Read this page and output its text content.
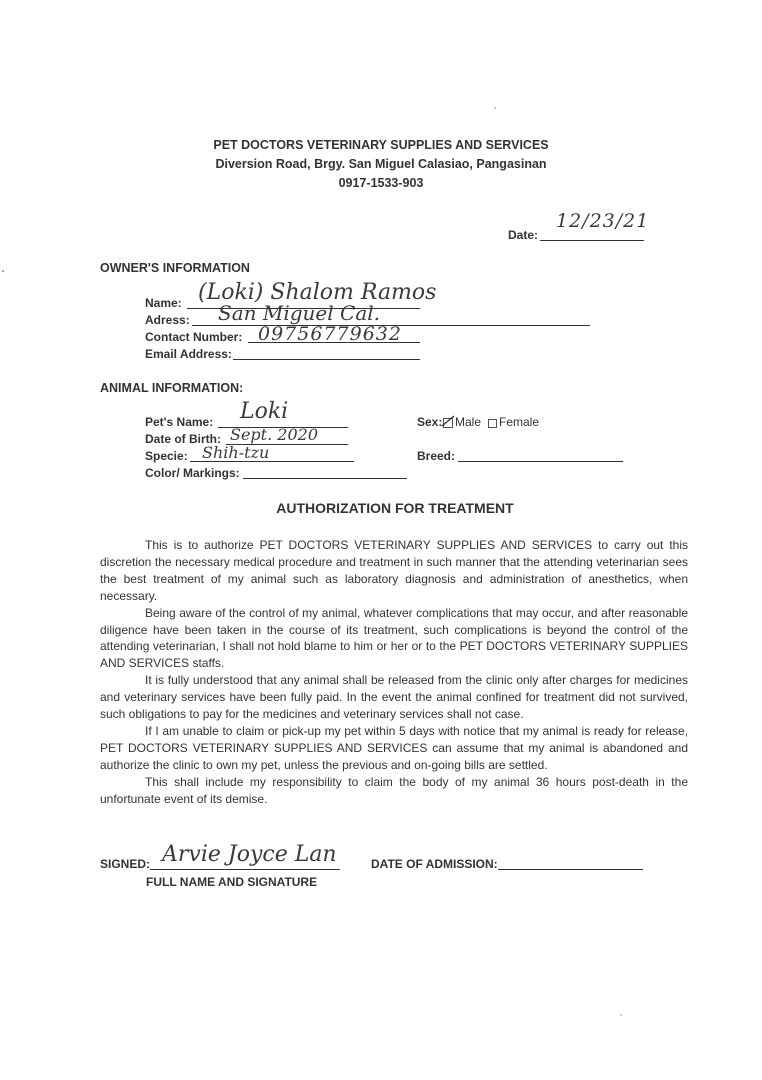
PET DOCTORS VETERINARY SUPPLIES AND SERVICES
Diversion Road, Brgy. San Miguel Calasiao, Pangasinan
0917-1533-903
Date:
12/23/21
OWNER'S INFORMATION
Name: (Loki) Shalom Ramos
Adress: San Miguel Cal.
Contact Number: 09756779632
Email Address:
ANIMAL INFORMATION:
Pet's Name: Loki
Date of Birth: Sept. 2020
Specie: Shih-tzu
Color/ Markings:
Sex: Male Female
Breed:
AUTHORIZATION FOR TREATMENT

This is to authorize PET DOCTORS VETERINARY SUPPLIES AND SERVICES to carry out this discretion the necessary medical procedure and treatment in such manner that the attending veterinarian sees the best treatment of my animal such as laboratory diagnosis and administration of anesthetics, when necessary.

Being aware of the control of my animal, whatever complications that may occur, and after reasonable diligence have been taken in the course of its treatment, such complications is beyond the control of the attending veterinarian, I shall not hold blame to him or her or to the PET DOCTORS VETERINARY SUPPLIES AND SERVICES staffs.

It is fully understood that any animal shall be released from the clinic only after charges for medicines and veterinary services have been fully paid. In the event the animal confined for treatment did not survived, such obligations to pay for the medicines and veterinary services shall not case.

If I am unable to claim or pick-up my pet within 5 days with notice that my animal is ready for release, PET DOCTORS VETERINARY SUPPLIES AND SERVICES can assume that my animal is abandoned and authorize the clinic to own my pet, unless the previous and on-going bills are settled.

This shall include my responsibility to claim the body of my animal 36 hours post-death in the unfortunate event of its demise.

SIGNED: Arvie Joyce Lan
FULL NAME AND SIGNATURE
DATE OF ADMISSION:
